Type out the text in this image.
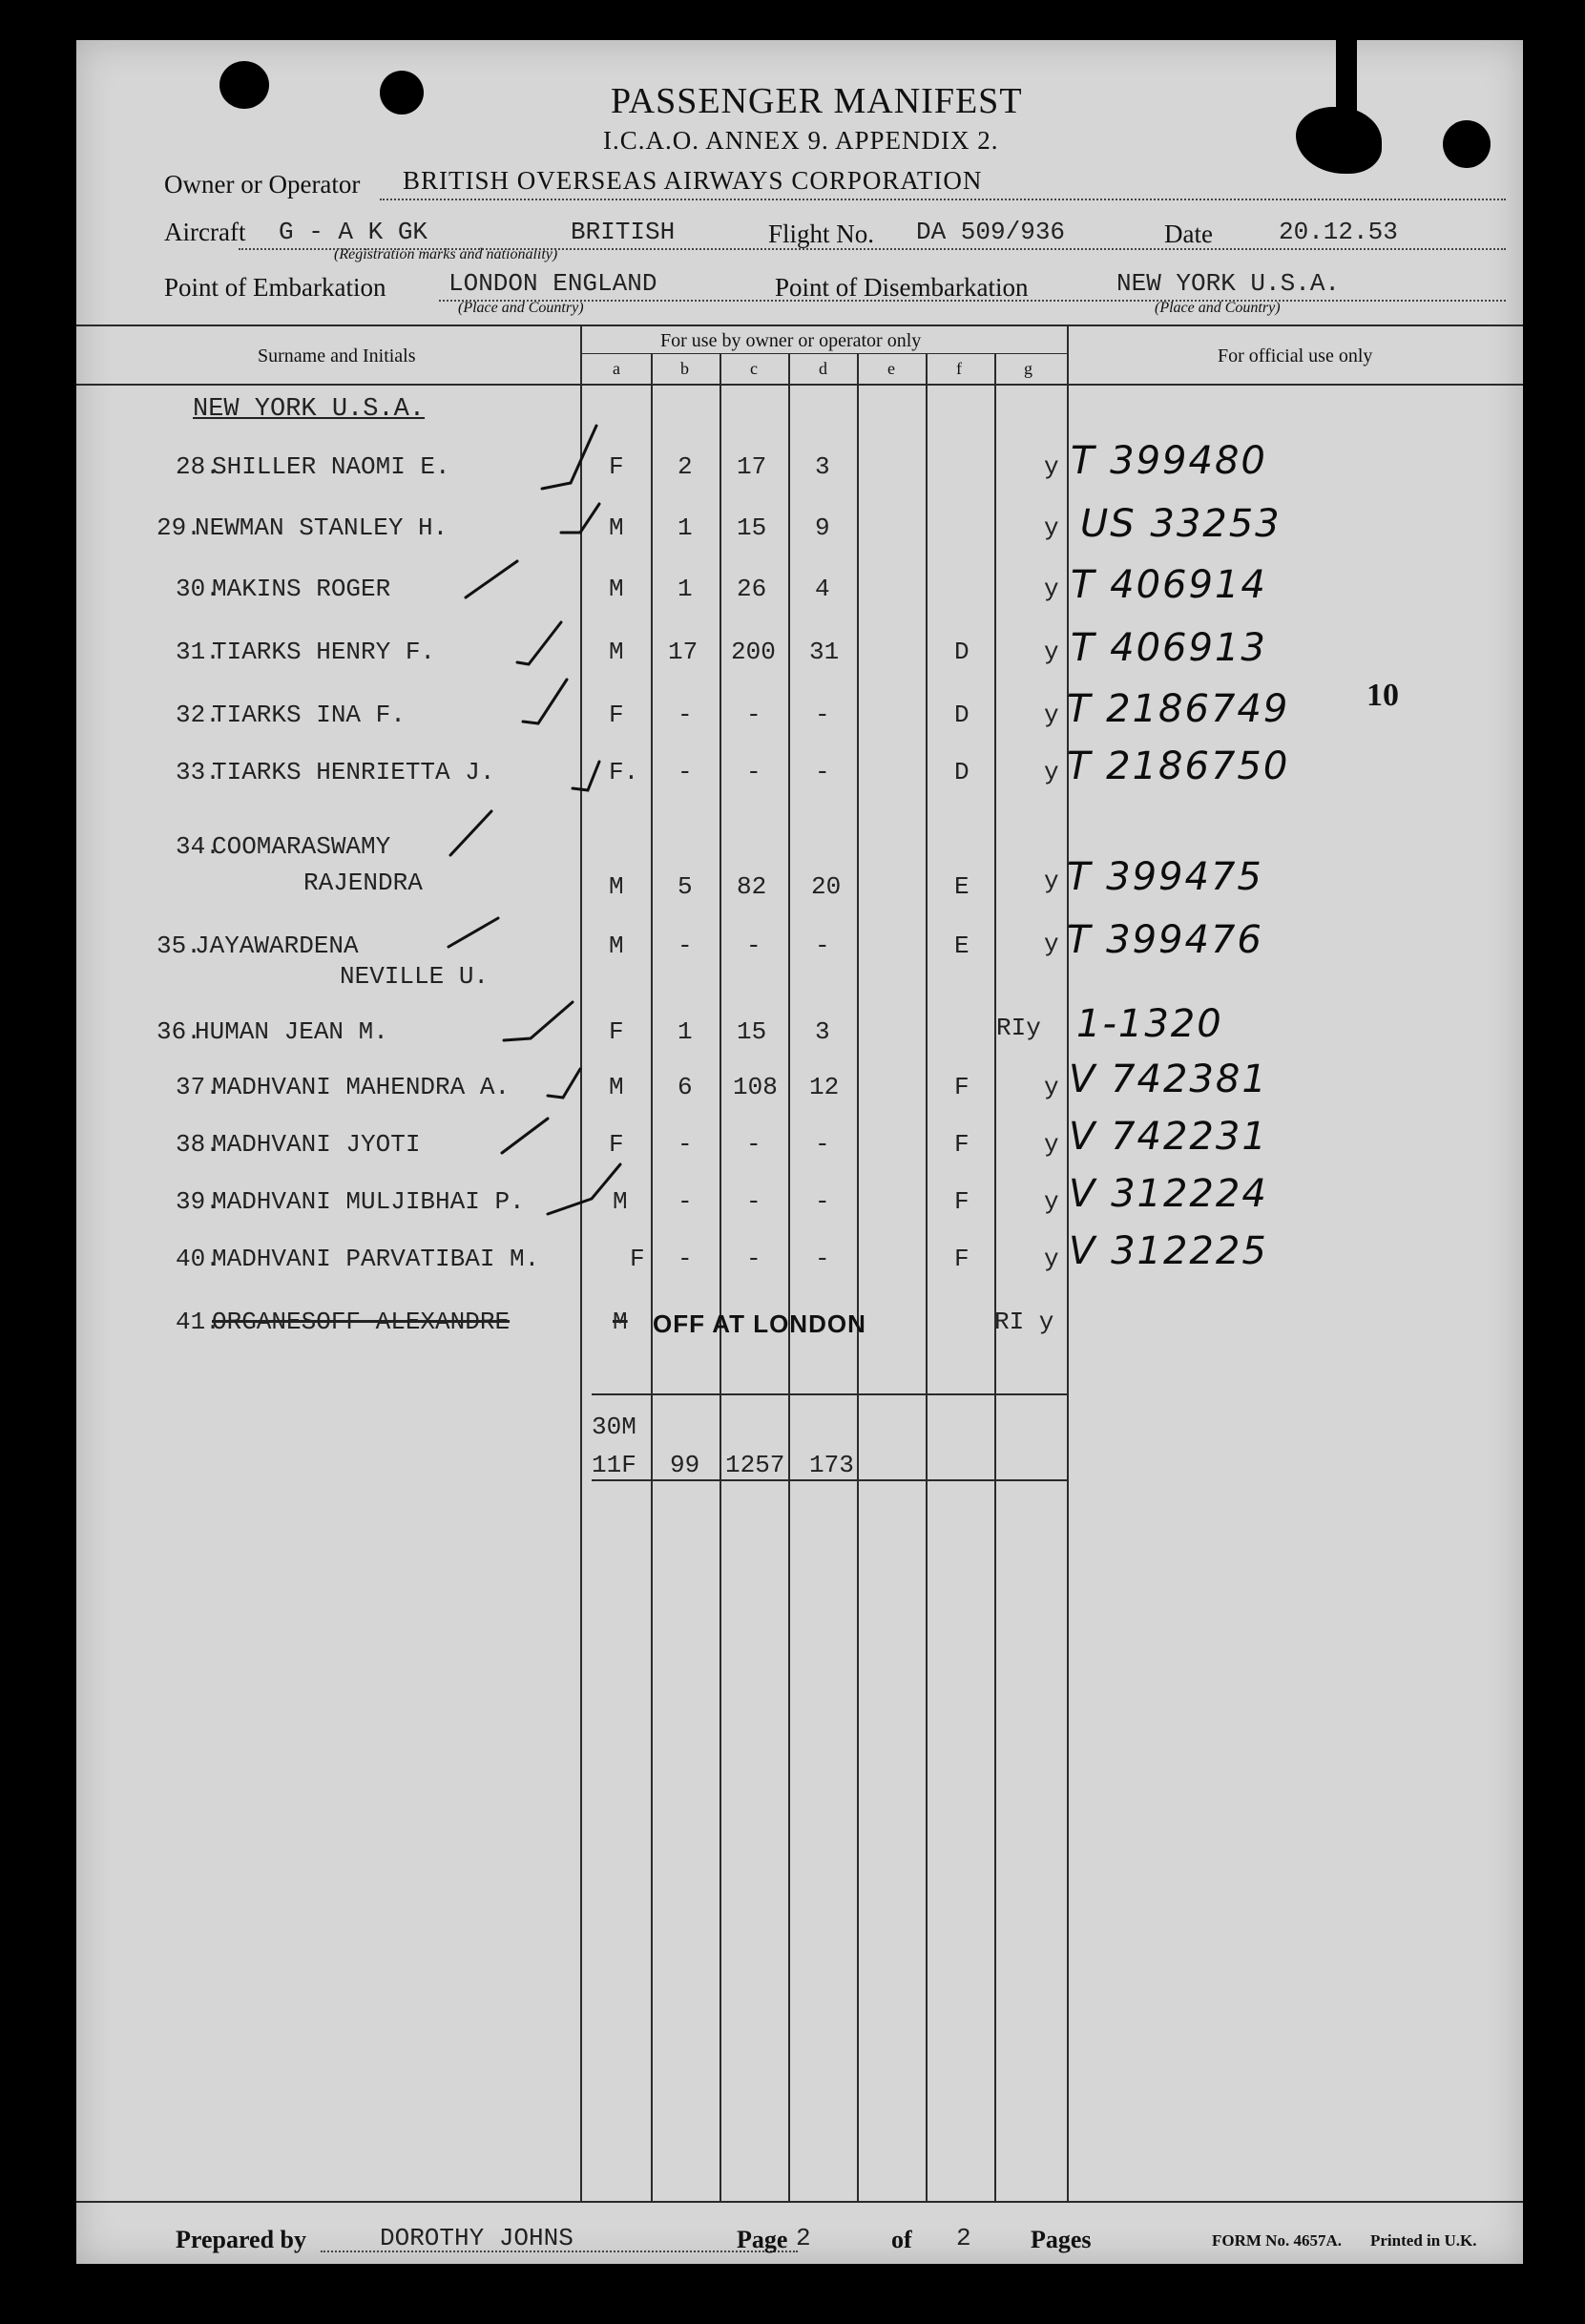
PASSENGER MANIFEST
I.C.A.O. ANNEX 9. APPENDIX 2.
Owner or Operator BRITISH OVERSEAS AIRWAYS CORPORATION
Aircraft G - A K GK	BRITISH
(Registration marks and nationality)
Flight No. DA 509/936	Date	20.12.53
Point of Embarkation	LONDON ENGLAND
(Place and Country)
Point of Disembarkation	NEW YORK U.S.A.
(Place and Country)
Surname and Initials
For use by owner or operator only
For official use only
a	b	c	d	e	f	g
NEW YORK U.S.A.
28.
SHILLER NAOMI E.	F 2 17 3	y T 399480
29.
NEWMAN STANLEY H.	M 1 15 9	y US 33253
30.
MAKINS ROGER	M 1 26 4	y T 406914
31.
TIARKS HENRY F.	M 17 200 31	D	y T 406913
32.
TIARKS INA F.	F - - -	D	y T 2186749
33.
TIARKS HENRIETTA J.	F. - - -	D	y T 2186750
34.
COOMARASWAMY
RAJENDRA	M 5 82 20	E	y T 399475
35.
JAYAWARDENA
NEVILLE U.
M - - -	E	y T 399476
36.
HUMAN JEAN M.	F 1 15 3	RIy 1-1320
37.
MADHVANI MAHENDRA A.	M 6 108 12	F	y V 742381
38.
MADHVANI JYOTI	F - - -	F	y V 742231
39.
MADHVANI MULJIBHAI P.	M - - -	F	y V 312224
40.
MADHVANI PARVATIBAI M.	F - - -	F	y V 312225
41.
ORGANESOFF ALEXANDRE	M OFF AT LONDON	RI y
30M
11F 99 1257 173
10
Prepared by	DOROTHY JOHNS	Page 2	of 2 Pages	FORM No. 4657A. Printed in U.K.
